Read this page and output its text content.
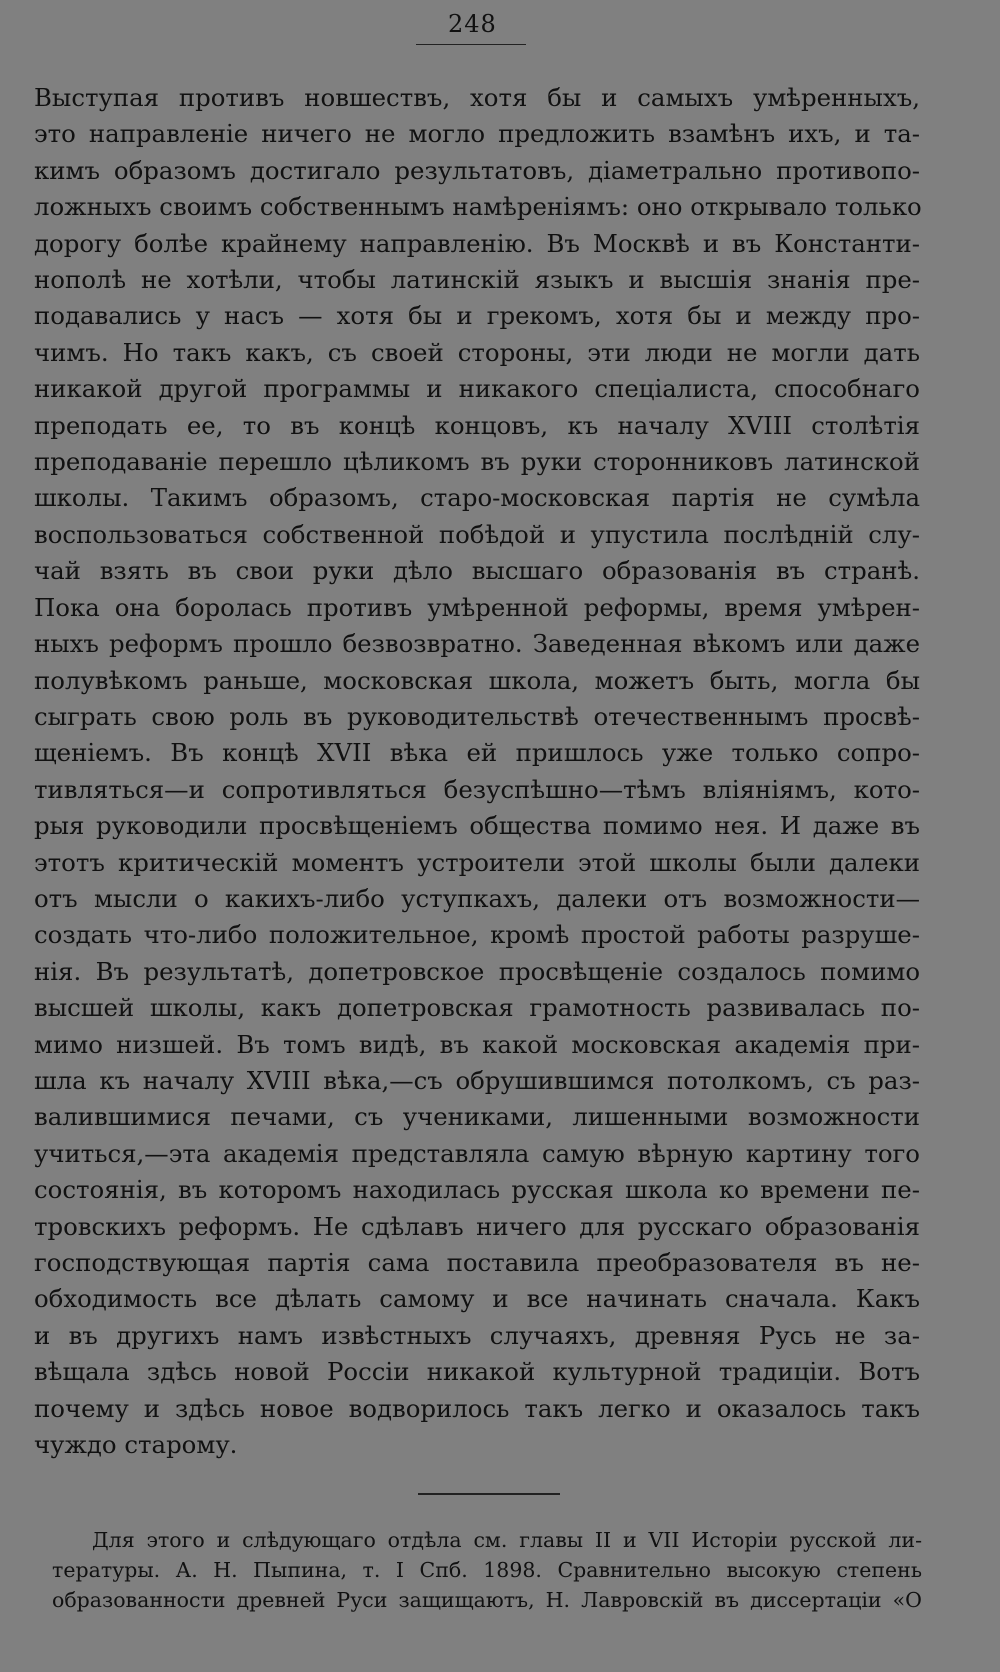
248
Выступая противъ новшествъ, хотя бы и самыхъ умѣренныхъ,
это направленіе ничего не могло предложить взамѣнъ ихъ, и та-
кимъ образомъ достигало результатовъ, діаметрально противопо-
ложныхъ своимъ собственнымъ намѣреніямъ: оно открывало только
дорогу болѣе крайнему направленію. Въ Москвѣ и въ Константи-
нополѣ не хотѣли, чтобы латинскій языкъ и высшія знанія пре-
подавались у насъ — хотя бы и грекомъ, хотя бы и между про-
чимъ. Но такъ какъ, съ своей стороны, эти люди не могли дать
никакой другой программы и никакого спеціалиста, способнаго
преподать ее, то въ концѣ концовъ, къ началу XVIII столѣтія
преподаваніе перешло цѣликомъ въ руки сторонниковъ латинской
школы. Такимъ образомъ, старо-московская партія не сумѣла
воспользоваться собственной побѣдой и упустила послѣдній слу-
чай взять въ свои руки дѣло высшаго образованія въ странѣ.
Пока она боролась противъ умѣренной реформы, время умѣрен-
ныхъ реформъ прошло безвозвратно. Заведенная вѣкомъ или даже
полувѣкомъ раньше, московская школа, можетъ быть, могла бы
сыграть свою роль въ руководительствѣ отечественнымъ просвѣ-
щеніемъ. Въ концѣ XVII вѣка ей пришлось уже только сопро-
тивляться—и сопротивляться безуспѣшно—тѣмъ вліяніямъ, кото-
рыя руководили просвѣщеніемъ общества помимо нея. И даже въ
этотъ критическій моментъ устроители этой школы были далеки
отъ мысли о какихъ-либо уступкахъ, далеки отъ возможности—
создать что-либо положительное, кромѣ простой работы разруше-
нія. Въ результатѣ, допетровское просвѣщеніе создалось помимо
высшей школы, какъ допетровская грамотность развивалась по-
мимо низшей. Въ томъ видѣ, въ какой московская академія при-
шла къ началу XVIII вѣка,—съ обрушившимся потолкомъ, съ раз-
валившимися печами, съ учениками, лишенными возможности
учиться,—эта академія представляла самую вѣрную картину того
состоянія, въ которомъ находилась русская школа ко времени пе-
тровскихъ реформъ. Не сдѣлавъ ничего для русскаго образованія
господствующая партія сама поставила преобразователя въ не-
обходимость все дѣлать самому и все начинать сначала. Какъ
и въ другихъ намъ извѣстныхъ случаяхъ, древняя Русь не за-
вѣщала здѣсь новой Россіи никакой культурной традиціи. Вотъ
почему и здѣсь новое водворилось такъ легко и оказалось такъ
чуждо старому.
Для этого и слѣдующаго отдѣла см. главы II и VII Исторіи русской ли-
тературы. А. Н. Пыпина, т. I Спб. 1898. Сравнительно высокую степень
образованности древней Руси защищаютъ, Н. Лавровскій въ диссертаціи «О
